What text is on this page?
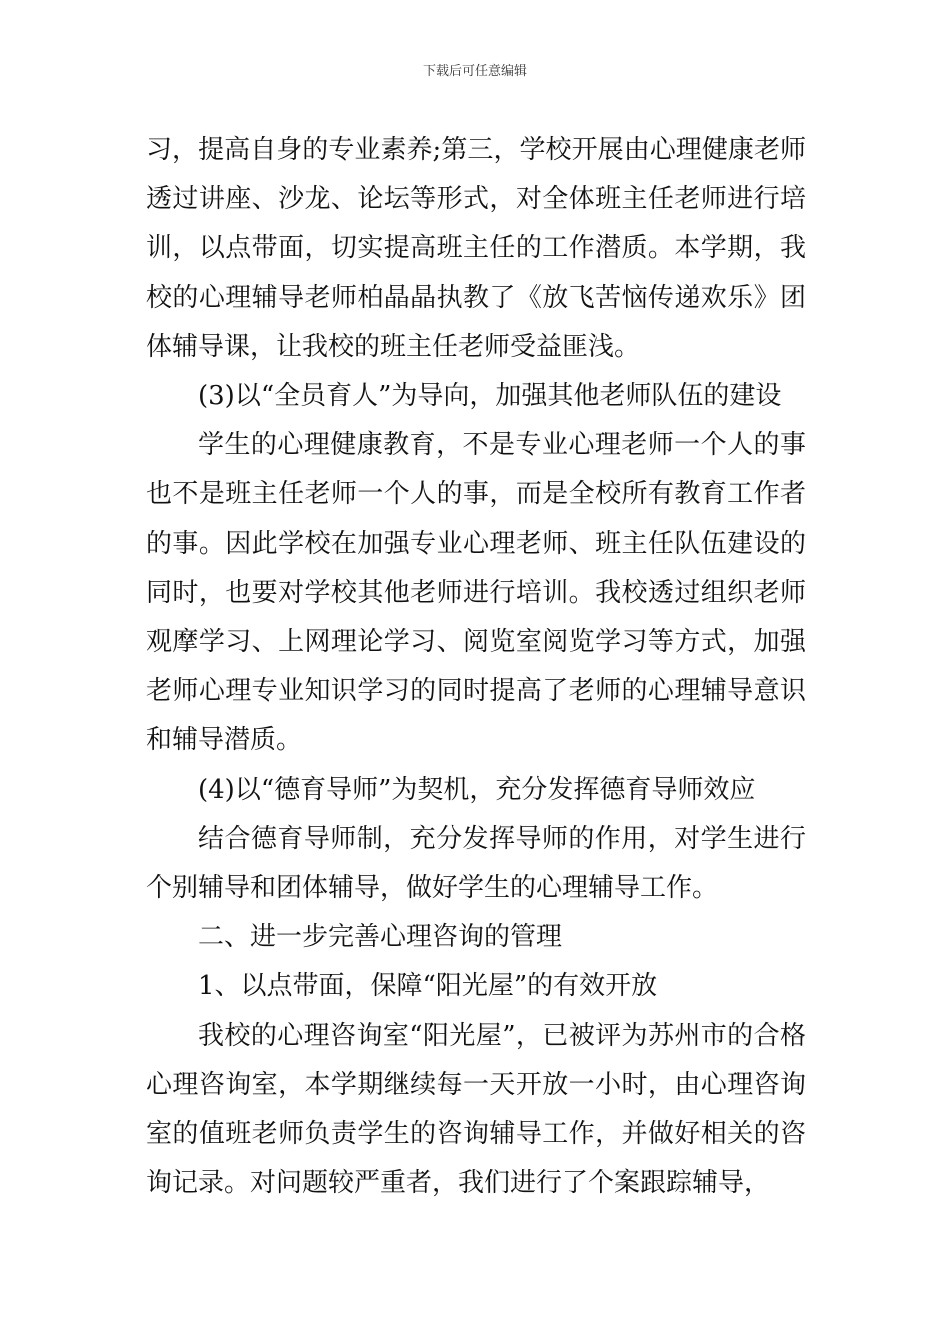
下载后可任意编辑

习，提高自身的专业素养;第三，学校开展由心理健康老师透过讲座、沙龙、论坛等形式，对全体班主任老师进行培训，以点带面，切实提高班主任的工作潜质。本学期，我校的心理辅导老师柏晶晶执教了《放飞苦恼传递欢乐》团体辅导课，让我校的班主任老师受益匪浅。

(3)以“全员育人”为导向，加强其他老师队伍的建设

学生的心理健康教育，不是专业心理老师一个人的事也不是班主任老师一个人的事，而是全校所有教育工作者的事。因此学校在加强专业心理老师、班主任队伍建设的同时，也要对学校其他老师进行培训。我校透过组织老师观摩学习、上网理论学习、阅览室阅览学习等方式，加强老师心理专业知识学习的同时提高了老师的心理辅导意识和辅导潜质。

(4)以“德育导师”为契机，充分发挥德育导师效应

结合德育导师制，充分发挥导师的作用，对学生进行个别辅导和团体辅导，做好学生的心理辅导工作。

二、进一步完善心理咨询的管理

1、以点带面，保障“阳光屋”的有效开放

我校的心理咨询室“阳光屋”，已被评为苏州市的合格心理咨询室，本学期继续每一天开放一小时，由心理咨询室的值班老师负责学生的咨询辅导工作，并做好相关的咨询记录。对问题较严重者，我们进行了个案跟踪辅导，
